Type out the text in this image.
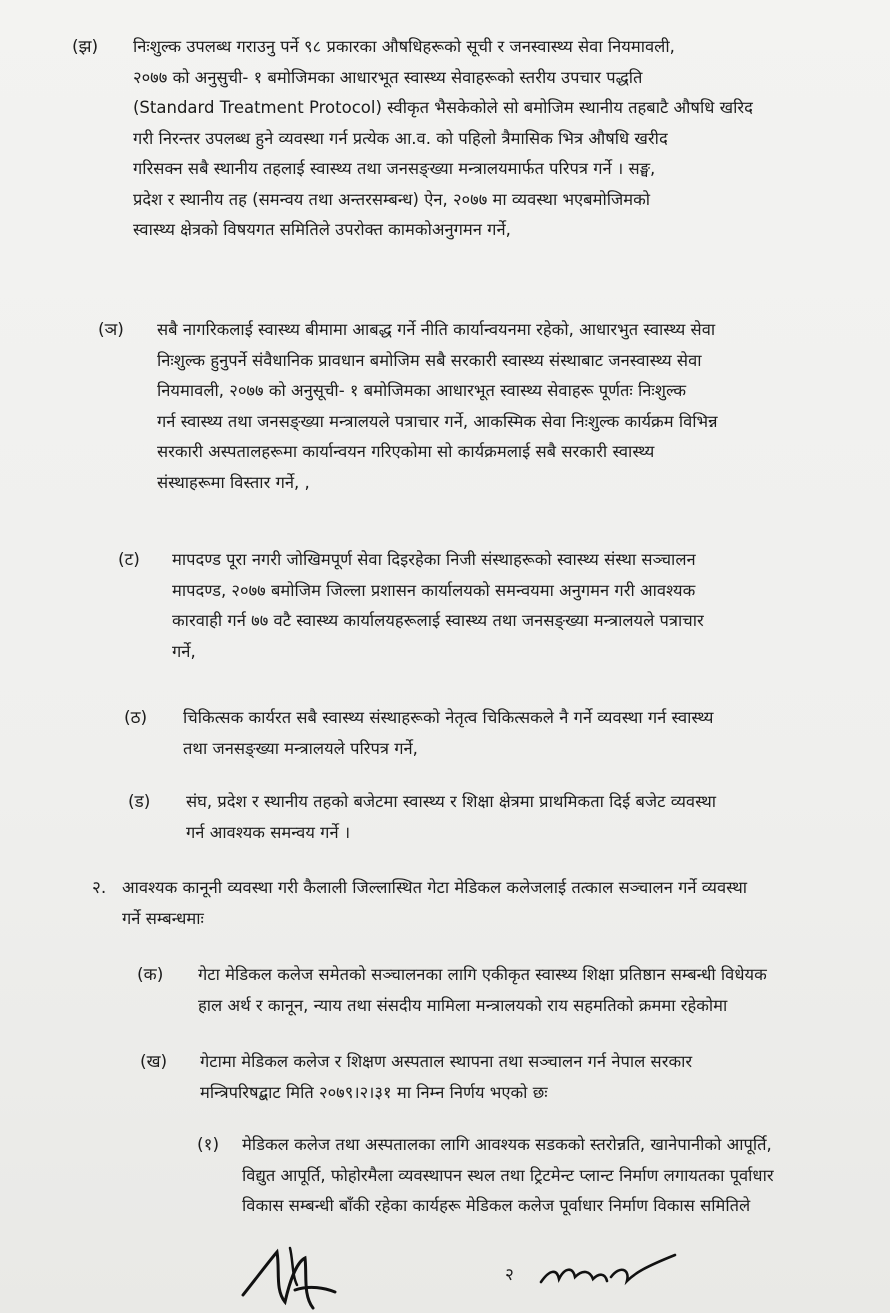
(झ) निःशुल्क उपलब्ध गराउनु पर्ने ९८ प्रकारका औषधिहरूको सूची र जनस्वास्थ्य सेवा नियमावली,
२०७७ को अनुसुची- १ बमोजिमका आधारभूत स्वास्थ्य सेवाहरूको स्तरीय उपचार पद्धति
(Standard Treatment Protocol) स्वीकृत भैसकेकोले सो बमोजिम स्थानीय तहबाटै औषधि खरिद
गरी निरन्तर उपलब्ध हुने व्यवस्था गर्न प्रत्येक आ.व. को पहिलो त्रैमासिक भित्र औषधि खरीद
गरिसक्न सबै स्थानीय तहलाई स्वास्थ्य तथा जनसङ्ख्या मन्त्रालयमार्फत परिपत्र गर्ने । सङ्घ,
प्रदेश र स्थानीय तह (समन्वय तथा अन्तरसम्बन्ध) ऐन, २०७७ मा व्यवस्था भएबमोजिमको
स्वास्थ्य क्षेत्रको विषयगत समितिले उपरोक्त कामकोअनुगमन गर्ने,
(ञ) सबै नागरिकलाई स्वास्थ्य बीमामा आबद्ध गर्ने नीति कार्यान्वयनमा रहेको, आधारभुत स्वास्थ्य सेवा
निःशुल्क हुनुपर्ने संवैधानिक प्रावधान बमोजिम सबै सरकारी स्वास्थ्य संस्थाबाट जनस्वास्थ्य सेवा
नियमावली, २०७७ को अनुसूची- १ बमोजिमका आधारभूत स्वास्थ्य सेवाहरू पूर्णतः निःशुल्क
गर्न स्वास्थ्य तथा जनसङ्ख्या मन्त्रालयले पत्राचार गर्ने, आकस्मिक सेवा निःशुल्क कार्यक्रम विभिन्न
सरकारी अस्पतालहरूमा कार्यान्वयन गरिएकोमा सो कार्यक्रमलाई सबै सरकारी स्वास्थ्य
संस्थाहरूमा विस्तार गर्ने, ,
(ट) मापदण्ड पूरा नगरी जोखिमपूर्ण सेवा दिइरहेका निजी संस्थाहरूको स्वास्थ्य संस्था सञ्चालन
मापदण्ड, २०७७ बमोजिम जिल्ला प्रशासन कार्यालयको समन्वयमा अनुगमन गरी आवश्यक
कारवाही गर्न ७७ वटै स्वास्थ्य कार्यालयहरूलाई स्वास्थ्य तथा जनसङ्ख्या मन्त्रालयले पत्राचार
गर्ने,
(ठ) चिकित्सक कार्यरत सबै स्वास्थ्य संस्थाहरूको नेतृत्व चिकित्सकले नै गर्ने व्यवस्था गर्न स्वास्थ्य
तथा जनसङ्ख्या मन्त्रालयले परिपत्र गर्ने,
(ड) संघ, प्रदेश र स्थानीय तहको बजेटमा स्वास्थ्य र शिक्षा क्षेत्रमा प्राथमिकता दिई बजेट व्यवस्था
गर्न आवश्यक समन्वय गर्ने ।
२. आवश्यक कानूनी व्यवस्था गरी कैलाली जिल्लास्थित गेटा मेडिकल कलेजलाई तत्काल सञ्चालन गर्ने व्यवस्था
गर्ने सम्बन्धमाः
(क) गेटा मेडिकल कलेज समेतको सञ्चालनका लागि एकीकृत स्वास्थ्य शिक्षा प्रतिष्ठान सम्बन्धी विधेयक
हाल अर्थ र कानून, न्याय तथा संसदीय मामिला मन्त्रालयको राय सहमतिको क्रममा रहेकोमा
(ख) गेटामा मेडिकल कलेज र शिक्षण अस्पताल स्थापना तथा सञ्चालन गर्न नेपाल सरकार
मन्त्रिपरिषद्बाट मिति २०७९।२।३१ मा निम्न निर्णय भएको छः
(१) मेडिकल कलेज तथा अस्पतालका लागि आवश्यक सडकको स्तरोन्नति, खानेपानीको आपूर्ति,
विद्युत आपूर्ति, फोहोरमैला व्यवस्थापन स्थल तथा ट्रिटमेन्ट प्लान्ट निर्माण लगायतका पूर्वाधार
विकास सम्बन्धी बाँकी रहेका कार्यहरू मेडिकल कलेज पूर्वाधार निर्माण विकास समितिले
२
